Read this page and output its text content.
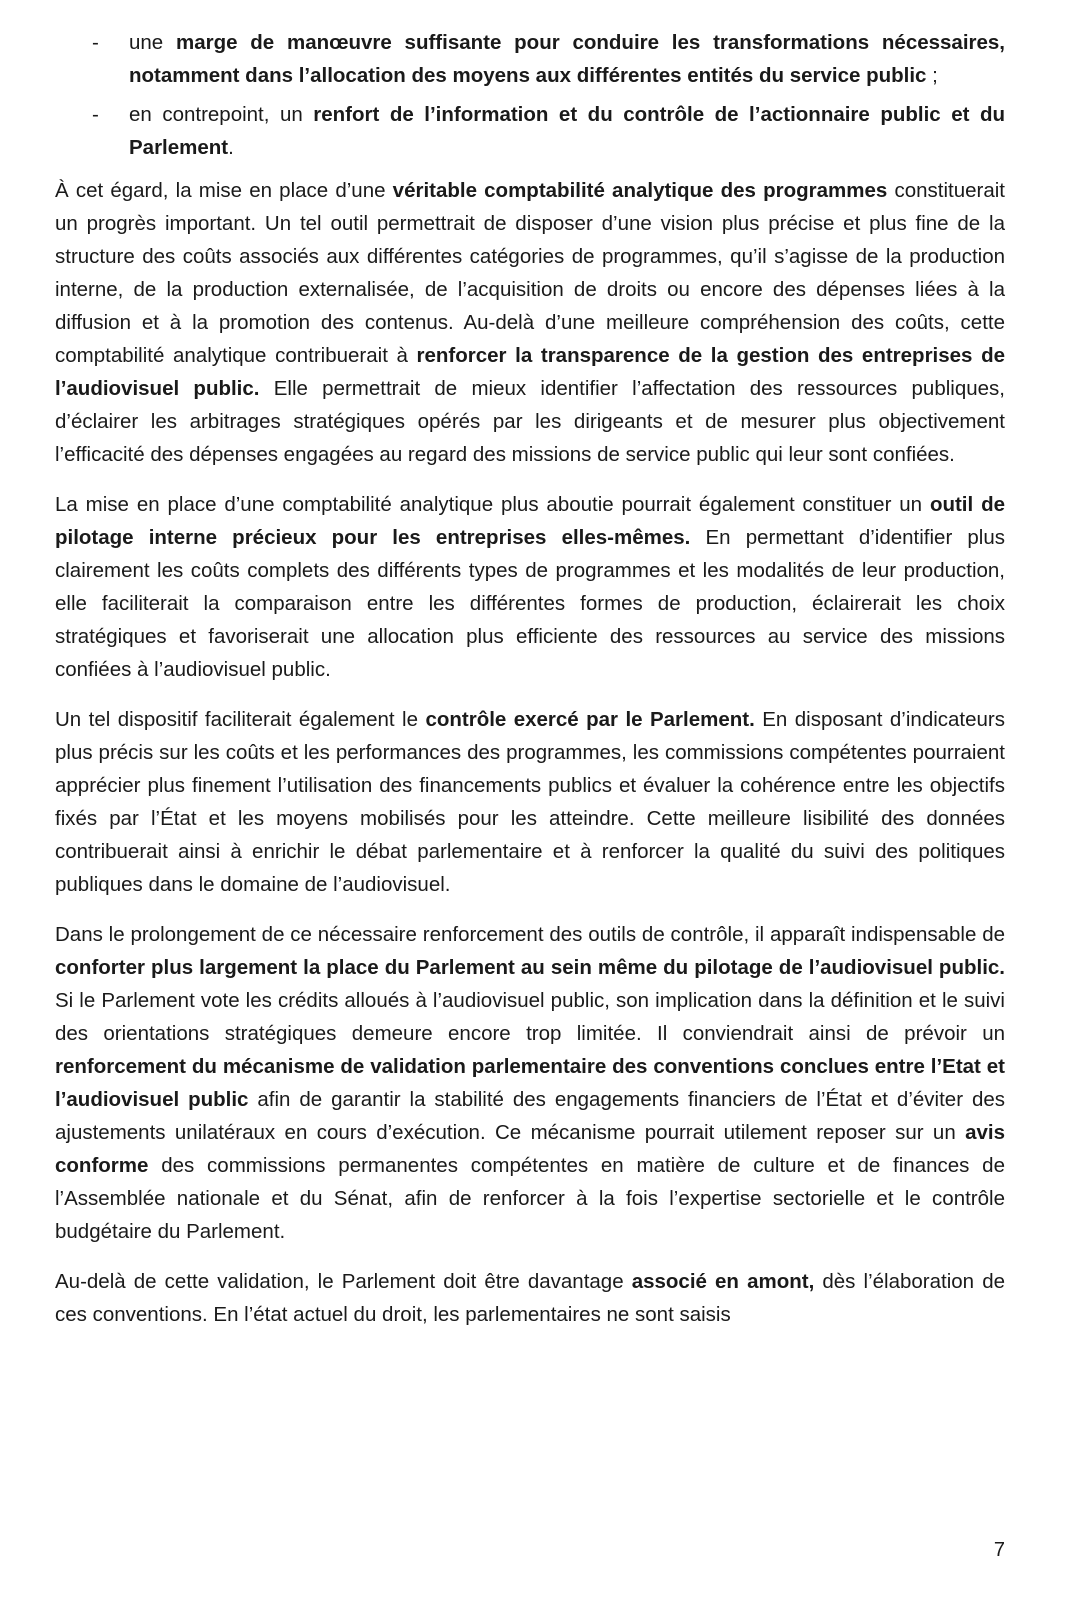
- une marge de manœuvre suffisante pour conduire les transformations nécessaires, notamment dans l’allocation des moyens aux différentes entités du service public ;
- en contrepoint, un renfort de l’information et du contrôle de l’actionnaire public et du Parlement.

À cet égard, la mise en place d’une véritable comptabilité analytique des programmes constituerait un progrès important. Un tel outil permettrait de disposer d’une vision plus précise et plus fine de la structure des coûts associés aux différentes catégories de programmes, qu’il s’agisse de la production interne, de la production externalisée, de l’acquisition de droits ou encore des dépenses liées à la diffusion et à la promotion des contenus. Au-delà d’une meilleure compréhension des coûts, cette comptabilité analytique contribuerait à renforcer la transparence de la gestion des entreprises de l’audiovisuel public. Elle permettrait de mieux identifier l’affectation des ressources publiques, d’éclairer les arbitrages stratégiques opérés par les dirigeants et de mesurer plus objectivement l’efficacité des dépenses engagées au regard des missions de service public qui leur sont confiées.

La mise en place d’une comptabilité analytique plus aboutie pourrait également constituer un outil de pilotage interne précieux pour les entreprises elles-mêmes. En permettant d’identifier plus clairement les coûts complets des différents types de programmes et les modalités de leur production, elle faciliterait la comparaison entre les différentes formes de production, éclairerait les choix stratégiques et favoriserait une allocation plus efficiente des ressources au service des missions confiées à l’audiovisuel public.

Un tel dispositif faciliterait également le contrôle exercé par le Parlement. En disposant d’indicateurs plus précis sur les coûts et les performances des programmes, les commissions compétentes pourraient apprécier plus finement l’utilisation des financements publics et évaluer la cohérence entre les objectifs fixés par l’État et les moyens mobilisés pour les atteindre. Cette meilleure lisibilité des données contribuerait ainsi à enrichir le débat parlementaire et à renforcer la qualité du suivi des politiques publiques dans le domaine de l’audiovisuel.

Dans le prolongement de ce nécessaire renforcement des outils de contrôle, il apparaît indispensable de conforter plus largement la place du Parlement au sein même du pilotage de l’audiovisuel public. Si le Parlement vote les crédits alloués à l’audiovisuel public, son implication dans la définition et le suivi des orientations stratégiques demeure encore trop limitée. Il conviendrait ainsi de prévoir un renforcement du mécanisme de validation parlementaire des conventions conclues entre l’Etat et l’audiovisuel public afin de garantir la stabilité des engagements financiers de l’État et d’éviter des ajustements unilatéraux en cours d’exécution. Ce mécanisme pourrait utilement reposer sur un avis conforme des commissions permanentes compétentes en matière de culture et de finances de l’Assemblée nationale et du Sénat, afin de renforcer à la fois l’expertise sectorielle et le contrôle budgétaire du Parlement.

Au-delà de cette validation, le Parlement doit être davantage associé en amont, dès l’élaboration de ces conventions. En l’état actuel du droit, les parlementaires ne sont saisis

7
